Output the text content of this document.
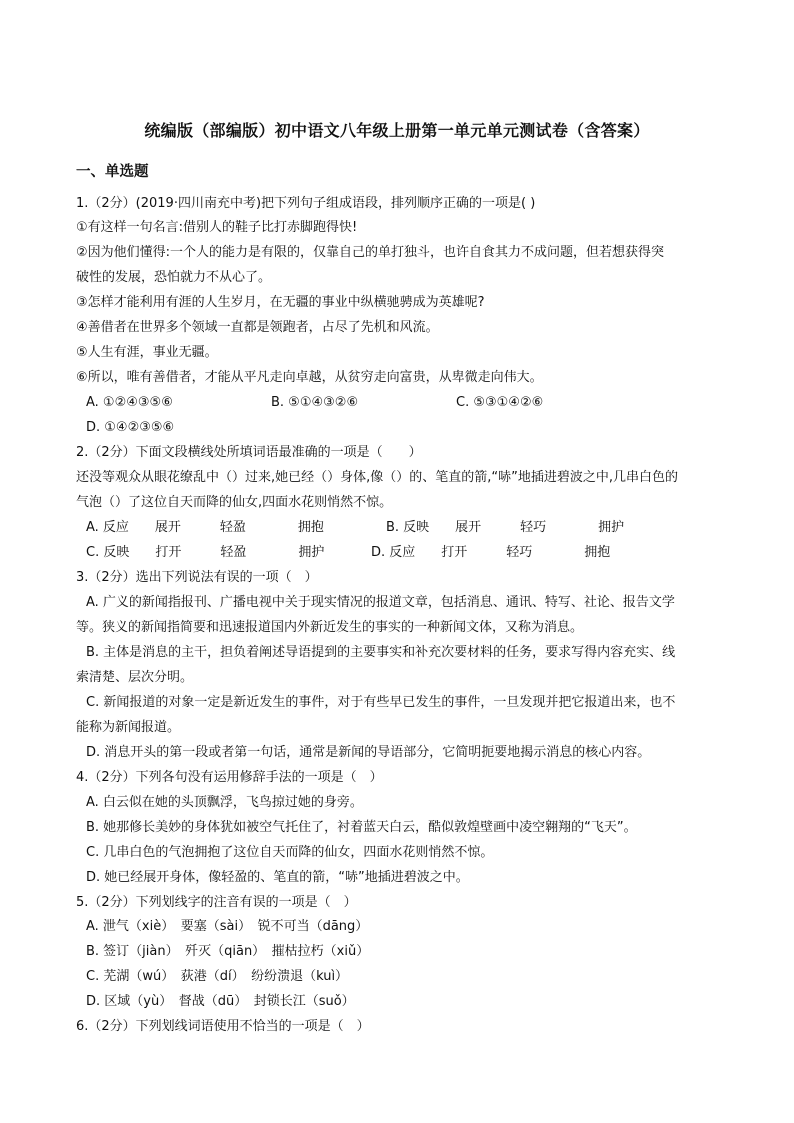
统编版（部编版）初中语文八年级上册第一单元单元测试卷（含答案）
一、单选题
1.（2分）(2019·四川南充中考)把下列句子组成语段，排列顺序正确的一项是( )
①有这样一句名言:借别人的鞋子比打赤脚跑得快!
②因为他们懂得:一个人的能力是有限的，仅靠自己的单打独斗，也许自食其力不成问题，但若想获得突
破性的发展，恐怕就力不从心了。
③怎样才能利用有涯的人生岁月，在无疆的事业中纵横驰骋成为英雄呢?
④善借者在世界多个领域一直都是领跑者，占尽了先机和风流。
⑤人生有涯，事业无疆。
⑥所以，唯有善借者，才能从平凡走向卓越，从贫穷走向富贵，从卑微走向伟大。
A. ①②④③⑤⑥	B. ⑤①④③②⑥	C. ⑤③①④②⑥
D. ①④②③⑤⑥
2.（2分）下面文段横线处所填词语最准确的一项是（　　）
还没等观众从眼花缭乱中（）过来,她已经（）身体,像（）的、笔直的箭,“哧”地插进碧波之中,几串白色的
气泡（）了这位自天而降的仙女,四面水花则悄然不惊。
A. 反应　　展开　　　轻盈　　　　拥抱	B. 反映　　展开　　　轻巧　　　　拥护
C. 反映　　打开　　　轻盈　　　　拥护	D. 反应　　打开　　　轻巧　　　　拥抱
3.（2分）选出下列说法有误的一项（　）
A. 广义的新闻指报刊、广播电视中关于现实情况的报道文章，包括消息、通讯、特写、社论、报告文学
等。狭义的新闻指简要和迅速报道国内外新近发生的事实的一种新闻文体，又称为消息。
B. 主体是消息的主干，担负着阐述导语提到的主要事实和补充次要材料的任务，要求写得内容充实、线
索清楚、层次分明。
C. 新闻报道的对象一定是新近发生的事件，对于有些早已发生的事件，一旦发现并把它报道出来，也不
能称为新闻报道。
D. 消息开头的第一段或者第一句话，通常是新闻的导语部分，它简明扼要地揭示消息的核心内容。
4.（2分）下列各句没有运用修辞手法的一项是（　）
A. 白云似在她的头顶飘浮，飞鸟掠过她的身旁。
B. 她那修长美妙的身体犹如被空气托住了，衬着蓝天白云，酷似敦煌壁画中凌空翱翔的“飞天”。
C. 几串白色的气泡拥抱了这位自天而降的仙女，四面水花则悄然不惊。
D. 她已经展开身体，像轻盈的、笔直的箭，“哧”地插进碧波之中。
5.（2分）下列划线字的注音有误的一项是（　）
A. 泄气（xiè）　要塞（sài）　锐不可当（dāng）
B. 签订（jiàn）　歼灭（qiān）　摧枯拉朽（xiǔ）
C. 芜湖（wú）　荻港（dí）　纷纷溃退（kuì）
D. 区域（yù）　督战（dū）　封锁长江（suǒ）
6.（2分）下列划线词语使用不恰当的一项是（　）
